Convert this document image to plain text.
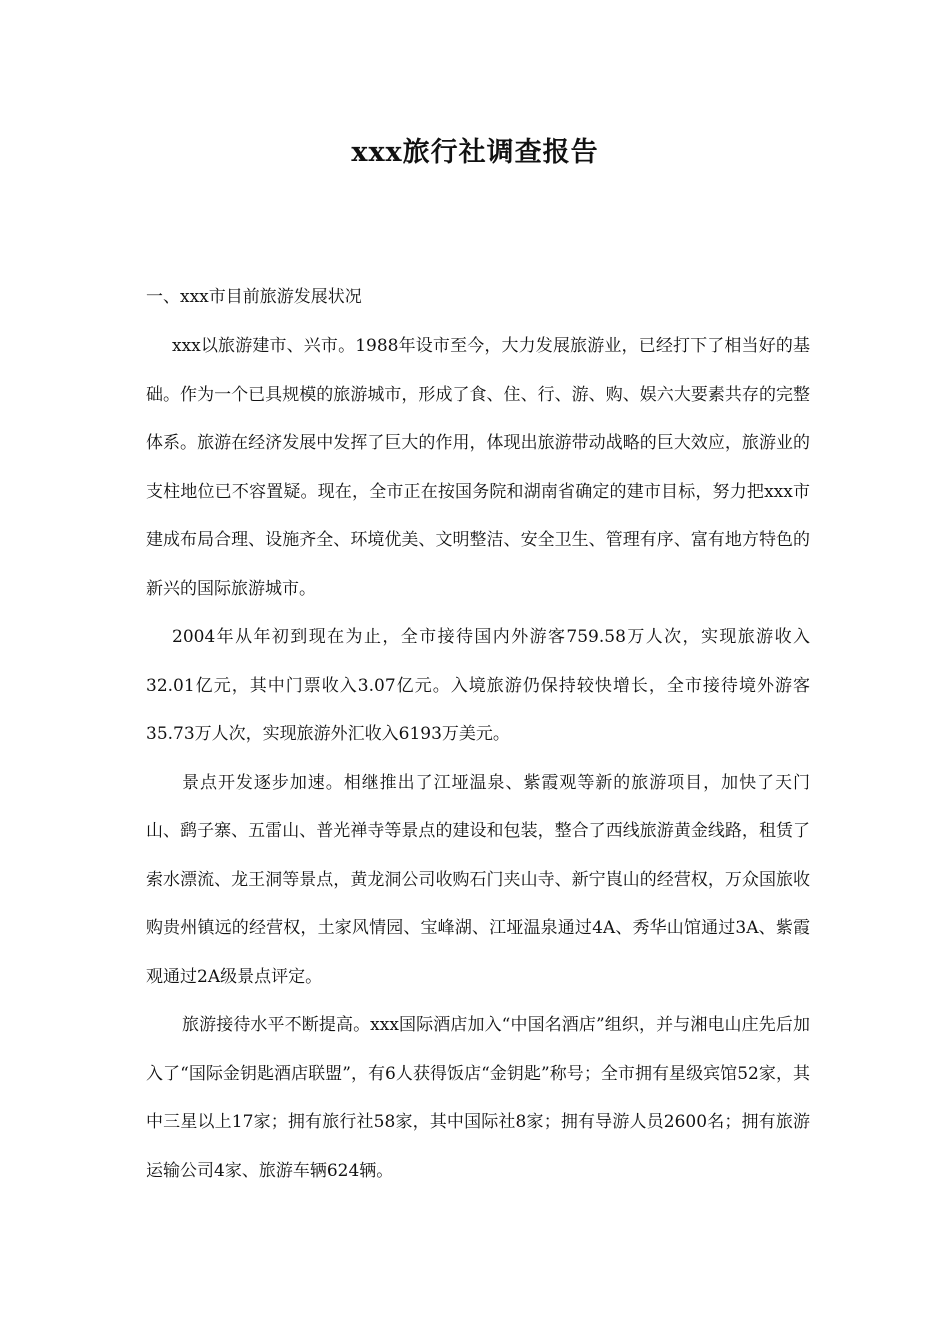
xxx旅行社调查报告
一、xxx市目前旅游发展状况

xxx以旅游建市、兴市。1988年设市至今，大力发展旅游业，已经打下了相当好的基础。作为一个已具规模的旅游城市，形成了食、住、行、游、购、娱六大要素共存的完整体系。旅游在经济发展中发挥了巨大的作用，体现出旅游带动战略的巨大效应，旅游业的支柱地位已不容置疑。现在，全市正在按国务院和湖南省确定的建市目标，努力把xxx市建成布局合理、设施齐全、环境优美、文明整洁、安全卫生、管理有序、富有地方特色的新兴的国际旅游城市。

2004年从年初到现在为止，全市接待国内外游客759.58万人次，实现旅游收入32.01亿元，其中门票收入3.07亿元。入境旅游仍保持较快增长，全市接待境外游客35.73万人次，实现旅游外汇收入6193万美元。

景点开发逐步加速。相继推出了江垭温泉、紫霞观等新的旅游项目，加快了天门山、鹞子寨、五雷山、普光禅寺等景点的建设和包装，整合了西线旅游黄金线路，租赁了索水漂流、龙王洞等景点，黄龙洞公司收购石门夹山寺、新宁崀山的经营权，万众国旅收购贵州镇远的经营权，土家风情园、宝峰湖、江垭温泉通过4A、秀华山馆通过3A、紫霞观通过2A级景点评定。

旅游接待水平不断提高。xxx国际酒店加入“中国名酒店”组织，并与湘电山庄先后加入了“国际金钥匙酒店联盟”，有6人获得饭店“金钥匙”称号；全市拥有星级宾馆52家，其中三星以上17家；拥有旅行社58家，其中国际社8家；拥有导游人员2600名；拥有旅游运输公司4家、旅游车辆624辆。
